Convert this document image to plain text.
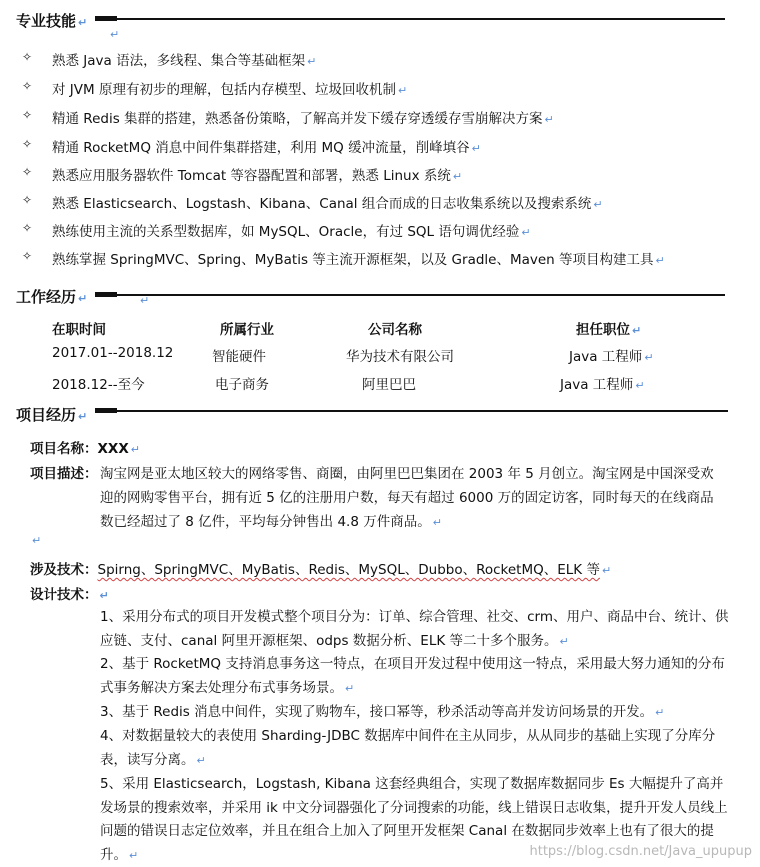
专业技能 ↵
↵
✧ 熟悉 Java 语法，多线程、集合等基础框架 ↵
✧ 对 JVM 原理有初步的理解，包括内存模型、垃圾回收机制 ↵
✧ 精通 Redis 集群的搭建，熟悉备份策略，了解高并发下缓存穿透缓存雪崩解决方案 ↵
✧ 精通 RocketMQ 消息中间件集群搭建，利用 MQ 缓冲流量，削峰填谷 ↵
✧ 熟悉应用服务器软件 Tomcat 等容器配置和部署，熟悉 Linux 系统 ↵
✧ 熟悉 Elasticsearch、Logstash、Kibana、Canal 组合而成的日志收集系统以及搜索系统 ↵
✧ 熟练使用主流的关系型数据库，如 MySQL、Oracle，有过 SQL 语句调优经验 ↵
✧ 熟练掌握 SpringMVC、Spring、MyBatis 等主流开源框架，以及 Gradle、Maven 等项目构建工具 ↵
工作经历 ↵	↵
在职时间	所属行业	公司名称	担任职位 ↵
2017.01--2018.12	智能硬件	华为技术有限公司	Java 工程师 ↵
2018.12--至今	电子商务	阿里巴巴	Java 工程师 ↵
项目经历 ↵
项目名称：XXX ↵
项目描述： 淘宝网是亚太地区较大的网络零售、商圈，由阿里巴巴集团在 2003 年 5 月创立。淘宝网是中国深受欢
迎的网购零售平台，拥有近 5 亿的注册用户数，每天有超过 6000 万的固定访客，同时每天的在线商品
数已经超过了 8 亿件，平均每分钟售出 4.8 万件商品。 ↵
↵
涉及技术：Spirng、SpringMVC、MyBatis、Redis、MySQL、Dubbo、RocketMQ、ELK 等 ↵
设计技术： ↵
1、采用分布式的项目开发模式整个项目分为：订单、综合管理、社交、crm、用户、商品中台、统计、供应链、支付、canal 阿里开源框架、odps 数据分析、ELK 等二十多个服务。 ↵
2、基于 RocketMQ 支持消息事务这一特点，在项目开发过程中使用这一特点，采用最大努力通知的分布式事务解决方案去处理分布式事务场景。 ↵
3、基于 Redis 消息中间件，实现了购物车，接口幂等，秒杀活动等高并发访问场景的开发。 ↵
4、对数据量较大的表使用 Sharding-JDBC 数据库中间件在主从同步，从从同步的基础上实现了分库分表，读写分离。 ↵
5、采用 Elasticsearch，Logstash, Kibana 这套经典组合，实现了数据库数据同步 Es 大幅提升了高并发场景的搜索效率，并采用 ik 中文分词器强化了分词搜索的功能，线上错误日志收集，提升开发人员线上问题的错误日志定位效率，并且在组合上加入了阿里开发框架 Canal 在数据同步效率上也有了很大的提升。 ↵	https://blog.csdn.net/Java_upupup
